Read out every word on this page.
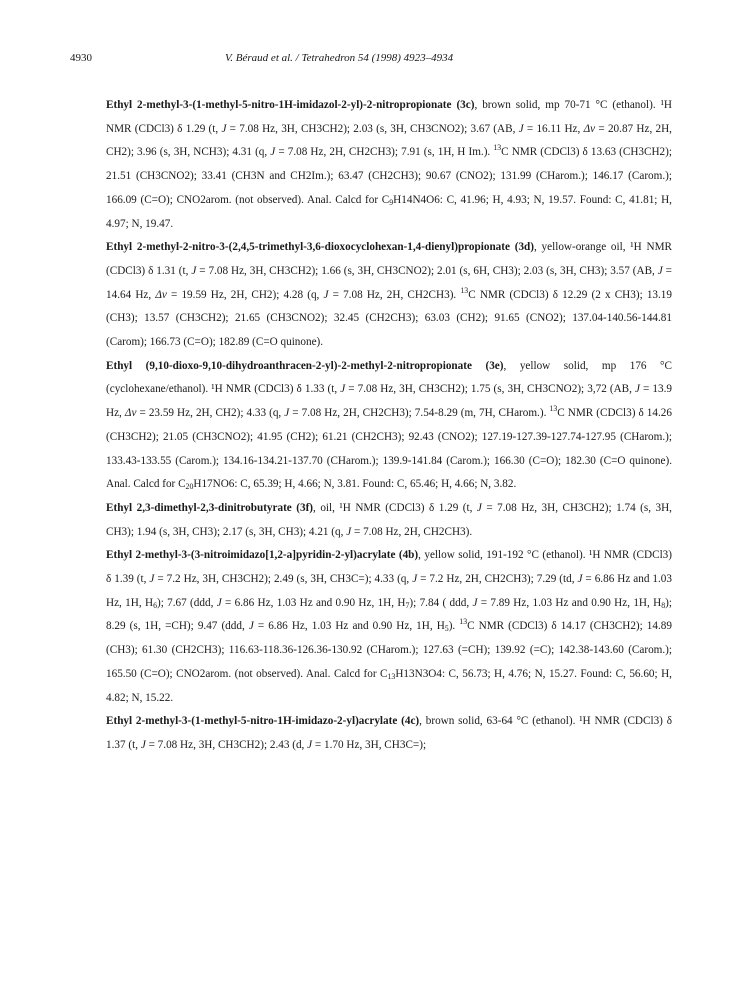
4930	V. Béraud et al. / Tetrahedron 54 (1998) 4923–4934

Ethyl 2-methyl-3-(1-methyl-5-nitro-1H-imidazol-2-yl)-2-nitropropionate (3c), brown solid, mp 70-71 °C (ethanol). ¹H NMR (CDCl3) δ 1.29 (t, J = 7.08 Hz, 3H, CH3CH2); 2.03 (s, 3H, CH3CNO2); 3.67 (AB, J = 16.11 Hz, Δv = 20.87 Hz, 2H, CH2); 3.96 (s, 3H, NCH3); 4.31 (q, J = 7.08 Hz, 2H, CH2CH3); 7.91 (s, 1H, H Im.). $^{13}$C NMR (CDCl3) δ 13.63 (CH3CH2); 21.51 (CH3CNO2); 33.41 (CH3N and CH2Im.); 63.47 (CH2CH3); 90.67 (CNO2); 131.99 (CHarom.); 146.17 (Carom.); 166.09 (C=O); CNO2arom. (not observed). Anal. Calcd for $C_9H14N4O6$: C, 41.96; H, 4.93; N, 19.57. Found: C, 41.81; H, 4.97; N, 19.47.

Ethyl 2-methyl-2-nitro-3-(2,4,5-trimethyl-3,6-dioxocyclohexan-1,4-dienyl)propionate (3d), yellow-orange oil, ¹H NMR (CDCl3) δ 1.31 (t, J = 7.08 Hz, 3H, CH3CH2); 1.66 (s, 3H, CH3CNO2); 2.01 (s, 6H, CH3); 2.03 (s, 3H, CH3); 3.57 (AB, J = 14.64 Hz, Δv = 19.59 Hz, 2H, CH2); 4.28 (q, J = 7.08 Hz, 2H, CH2CH3). $^{13}$C NMR (CDCl3) δ 12.29 (2 x CH3); 13.19 (CH3); 13.57 (CH3CH2); 21.65 (CH3CNO2); 32.45 (CH2CH3); 63.03 (CH2); 91.65 (CNO2); 137.04-140.56-144.81 (Carom); 166.73 (C=O); 182.89 (C=O quinone).

Ethyl (9,10-dioxo-9,10-dihydroanthracen-2-yl)-2-methyl-2-nitropropionate (3e), yellow solid, mp 176 °C (cyclohexane/ethanol). ¹H NMR (CDCl3) δ 1.33 (t, J = 7.08 Hz, 3H, CH3CH2); 1.75 (s, 3H, CH3CNO2); 3,72 (AB, J = 13.9 Hz, Δv = 23.59 Hz, 2H, CH2); 4.33 (q, J = 7.08 Hz, 2H, CH2CH3); 7.54-8.29 (m, 7H, CHarom.). $^{13}$C NMR (CDCl3) δ 14.26 (CH3CH2); 21.05 (CH3CNO2); 41.95 (CH2); 61.21 (CH2CH3); 92.43 (CNO2); 127.19-127.39-127.74-127.95 (CHarom.); 133.43-133.55 (Carom.); 134.16-134.21-137.70 (CHarom.); 139.9-141.84 (Carom.); 166.30 (C=O); 182.30 (C=O quinone). Anal. Calcd for $C_{20}H17NO6$: C, 65.39; H, 4.66; N, 3.81. Found: C, 65.46; H, 4.66; N, 3.82.

Ethyl 2,3-dimethyl-2,3-dinitrobutyrate (3f), oil, ¹H NMR (CDCl3) δ 1.29 (t, J = 7.08 Hz, 3H, CH3CH2); 1.74 (s, 3H, CH3); 1.94 (s, 3H, CH3); 2.17 (s, 3H, CH3); 4.21 (q, J = 7.08 Hz, 2H, CH2CH3).

Ethyl 2-methyl-3-(3-nitroimidazo[1,2-a]pyridin-2-yl)acrylate (4b), yellow solid, 191-192 °C (ethanol). ¹H NMR (CDCl3) δ 1.39 (t, J = 7.2 Hz, 3H, CH3CH2); 2.49 (s, 3H, CH3C=); 4.33 (q, J = 7.2 Hz, 2H, CH2CH3); 7.29 (td, J = 6.86 Hz and 1.03 Hz, 1H, $H_6$); 7.67 (ddd, J = 6.86 Hz, 1.03 Hz and 0.90 Hz, 1H, $H_7$); 7.84 ( ddd, J = 7.89 Hz, 1.03 Hz and 0.90 Hz, 1H, $H_8$); 8.29 (s, 1H, =CH); 9.47 (ddd, J = 6.86 Hz, 1.03 Hz and 0.90 Hz, 1H, $H_5$). $^{13}$C NMR (CDCl3) δ 14.17 (CH3CH2); 14.89 (CH3); 61.30 (CH2CH3); 116.63-118.36-126.36-130.92 (CHarom.); 127.63 (=CH); 139.92 (=C); 142.38-143.60 (Carom.); 165.50 (C=O); CNO2arom. (not observed). Anal. Calcd for $C_{13}H13N3O4$: C, 56.73; H, 4.76; N, 15.27. Found: C, 56.60; H, 4.82; N, 15.22.

Ethyl 2-methyl-3-(1-methyl-5-nitro-1H-imidazo-2-yl)acrylate (4c), brown solid, 63-64 °C (ethanol). ¹H NMR (CDCl3) δ 1.37 (t, J = 7.08 Hz, 3H, CH3CH2); 2.43 (d, J = 1.70 Hz, 3H, CH3C=);
